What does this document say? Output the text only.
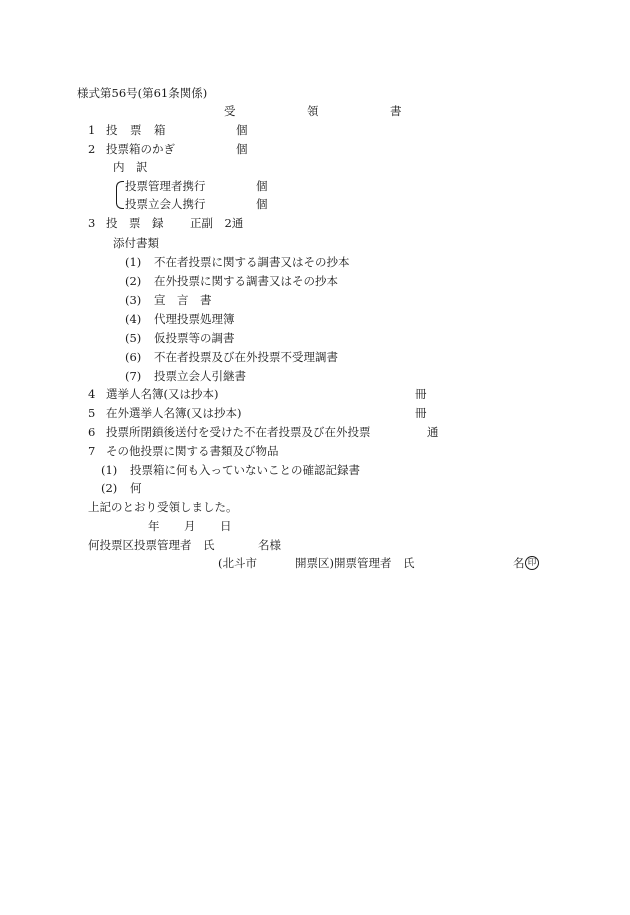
様式第56号(第61条関係)
受	領	書
1 投　票　箱	個
2 投票箱のかぎ	個
内　訳
投票管理者携行	個
投票立会人携行	個
3 投　票　録 正副　2通
添付書類
(1) 不在者投票に関する調書又はその抄本
(2) 在外投票に関する調書又はその抄本
(3) 宣　言　書
(4) 代理投票処理簿
(5) 仮投票等の調書
(6) 不在者投票及び在外投票不受理調書
(7) 投票立会人引継書
4 選挙人名簿(又は抄本)	冊
5 在外選挙人名簿(又は抄本)	冊
6 投票所閉鎖後送付を受けた不在者投票及び在外投票	通
7 その他投票に関する書類及び物品
(1) 投票箱に何も入っていないことの確認記録書
(2) 何
上記のとおり受領しました。
年 月 日
何投票区投票管理者　氏	名様
(北斗市	開票区)開票管理者　氏	名 印
